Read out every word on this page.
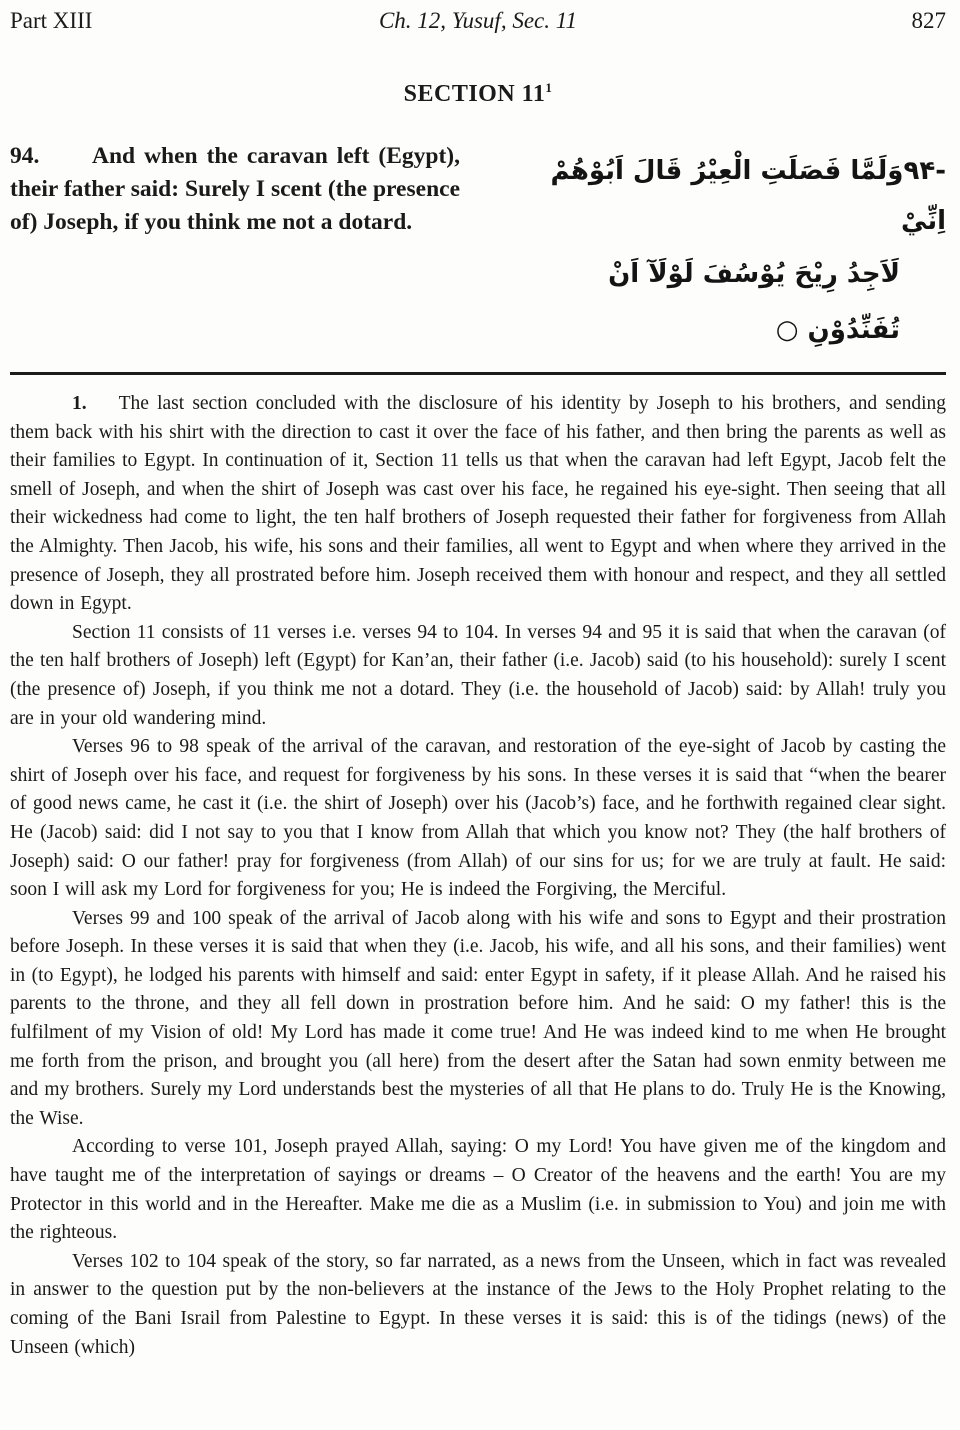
Part XIII	Ch. 12, Yusuf, Sec. 11	827
SECTION $11^1$

94. And when the caravan left (Egypt), their father said: Surely I scent (the presence of) Joseph, if you think me not a dotard.

۹۴-وَلَمَّا فَصَلَتِ الْعِيْرُ قَالَ اَبُوْهُمْ اِنِّيْ
لَاَجِدُ رِيْحَ يُوْسُفَ لَوْلَآ اَنْ تُفَنِّدُوْنِ ○

1. The last section concluded with the disclosure of his identity by Joseph to his brothers, and sending them back with his shirt with the direction to cast it over the face of his father, and then bring the parents as well as their families to Egypt. In continuation of it, Section 11 tells us that when the caravan had left Egypt, Jacob felt the smell of Joseph, and when the shirt of Joseph was cast over his face, he regained his eye-sight. Then seeing that all their wickedness had come to light, the ten half brothers of Joseph requested their father for forgiveness from Allah the Almighty. Then Jacob, his wife, his sons and their families, all went to Egypt and when where they arrived in the presence of Joseph, they all prostrated before him. Joseph received them with honour and respect, and they all settled down in Egypt.

Section 11 consists of 11 verses i.e. verses 94 to 104. In verses 94 and 95 it is said that when the caravan (of the ten half brothers of Joseph) left (Egypt) for Kan’an, their father (i.e. Jacob) said (to his household): surely I scent (the presence of) Joseph, if you think me not a dotard. They (i.e. the household of Jacob) said: by Allah! truly you are in your old wandering mind.

Verses 96 to 98 speak of the arrival of the caravan, and restoration of the eye-sight of Jacob by casting the shirt of Joseph over his face, and request for forgiveness by his sons. In these verses it is said that “when the bearer of good news came, he cast it (i.e. the shirt of Joseph) over his (Jacob’s) face, and he forthwith regained clear sight. He (Jacob) said: did I not say to you that I know from Allah that which you know not? They (the half brothers of Joseph) said: O our father! pray for forgiveness (from Allah) of our sins for us; for we are truly at fault. He said: soon I will ask my Lord for forgiveness for you; He is indeed the Forgiving, the Merciful.

Verses 99 and 100 speak of the arrival of Jacob along with his wife and sons to Egypt and their prostration before Joseph. In these verses it is said that when they (i.e. Jacob, his wife, and all his sons, and their families) went in (to Egypt), he lodged his parents with himself and said: enter Egypt in safety, if it please Allah. And he raised his parents to the throne, and they all fell down in prostration before him. And he said: O my father! this is the fulfilment of my Vision of old! My Lord has made it come true! And He was indeed kind to me when He brought me forth from the prison, and brought you (all here) from the desert after the Satan had sown enmity between me and my brothers. Surely my Lord understands best the mysteries of all that He plans to do. Truly He is the Knowing, the Wise.

According to verse 101, Joseph prayed Allah, saying: O my Lord! You have given me of the kingdom and have taught me of the interpretation of sayings or dreams – O Creator of the heavens and the earth! You are my Protector in this world and in the Hereafter. Make me die as a Muslim (i.e. in submission to You) and join me with the righteous.

Verses 102 to 104 speak of the story, so far narrated, as a news from the Unseen, which in fact was revealed in answer to the question put by the non-believers at the instance of the Jews to the Holy Prophet relating to the coming of the Bani Israil from Palestine to Egypt. In these verses it is said: this is of the tidings (news) of the Unseen (which)
